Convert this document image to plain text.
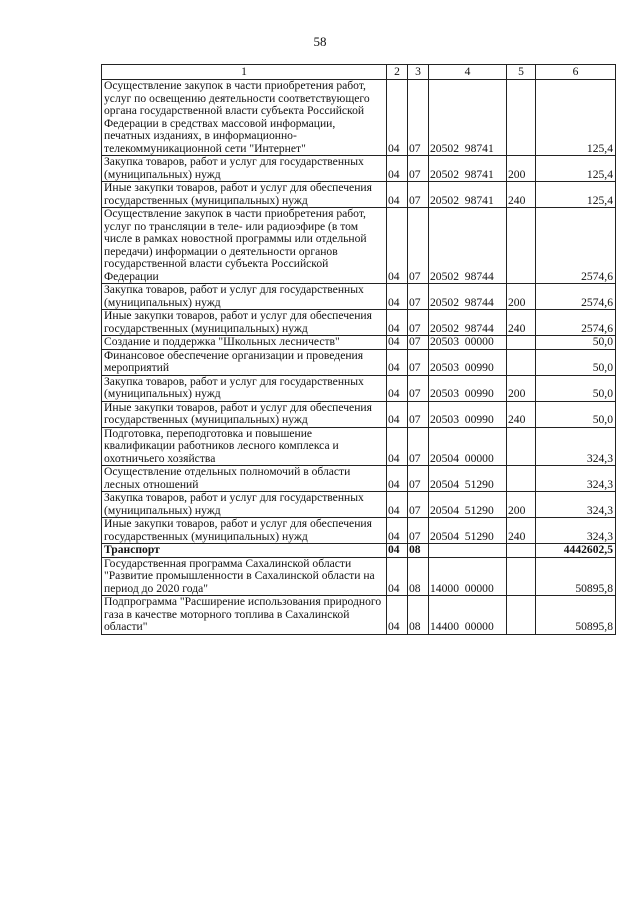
58
1	2	3	4	5	6
Осуществление закупок в части приобретения работ, услуг по освещению деятельности соответствующего органа государственной власти субъекта Российской Федерации в средствах массовой информации, печатных изданиях, в информационно-телекоммуникационной сети "Интернет"	04	07	20502  98741		125,4
Закупка товаров, работ и услуг для государственных (муниципальных) нужд	04	07	20502  98741	200	125,4
Иные закупки товаров, работ и услуг для обеспечения государственных (муниципальных) нужд	04	07	20502  98741	240	125,4
Осуществление закупок в части приобретения работ, услуг по трансляции в теле- или радиоэфире (в том числе в рамках новостной программы или отдельной передачи) информации о деятельности органов государственной власти субъекта Российской Федерации	04	07	20502  98744		2574,6
Закупка товаров, работ и услуг для государственных (муниципальных) нужд	04	07	20502  98744	200	2574,6
Иные закупки товаров, работ и услуг для обеспечения государственных (муниципальных) нужд	04	07	20502  98744	240	2574,6
Создание и поддержка "Школьных лесничеств"	04	07	20503  00000		50,0
Финансовое обеспечение организации и проведения мероприятий	04	07	20503  00990		50,0
Закупка товаров, работ и услуг для государственных (муниципальных) нужд	04	07	20503  00990	200	50,0
Иные закупки товаров, работ и услуг для обеспечения государственных (муниципальных) нужд	04	07	20503  00990	240	50,0
Подготовка, переподготовка и повышение квалификации работников лесного комплекса и охотничьего хозяйства	04	07	20504  00000		324,3
Осуществление отдельных полномочий в области лесных отношений	04	07	20504  51290		324,3
Закупка товаров, работ и услуг для государственных (муниципальных) нужд	04	07	20504  51290	200	324,3
Иные закупки товаров, работ и услуг для обеспечения государственных (муниципальных) нужд	04	07	20504  51290	240	324,3
Транспорт	04	08			4442602,5
Государственная программа Сахалинской области "Развитие промышленности в Сахалинской области на период до 2020 года"	04	08	14000  00000		50895,8
Подпрограмма "Расширение использования природного газа в качестве моторного топлива в Сахалинской области"	04	08	14400  00000		50895,8
